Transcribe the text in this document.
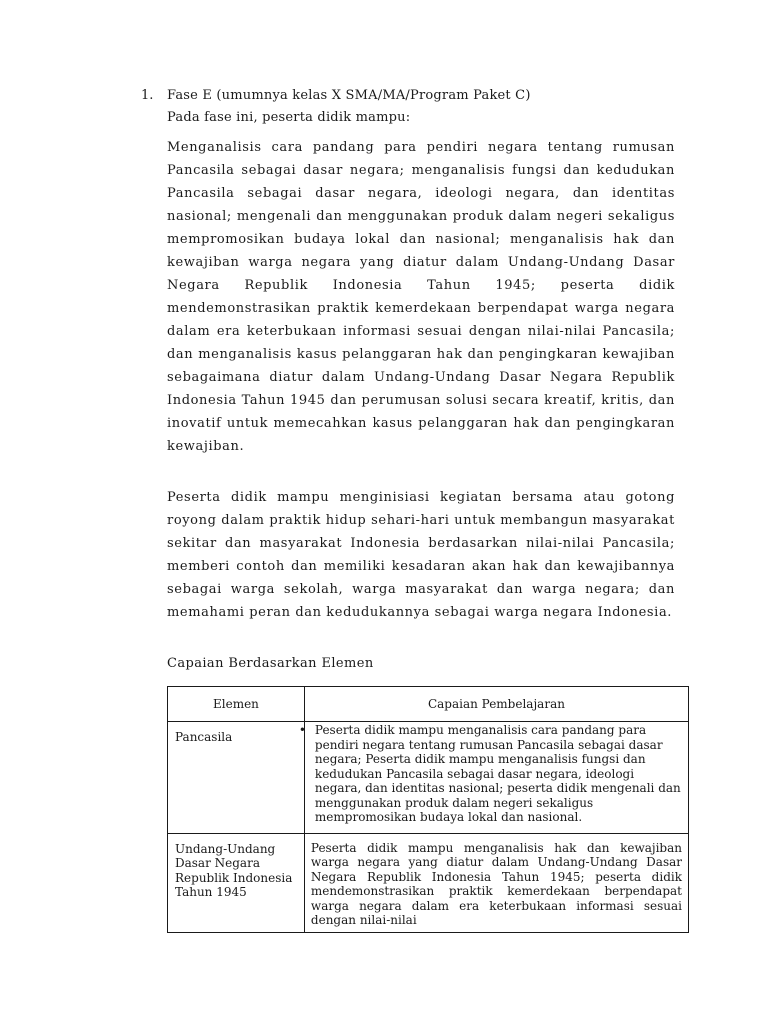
1. Fase E (umumnya kelas X SMA/MA/Program Paket C)
Pada fase ini, peserta didik mampu:

Menganalisis cara pandang para pendiri negara tentang rumusan Pancasila sebagai dasar negara; menganalisis fungsi dan kedudukan Pancasila sebagai dasar negara, ideologi negara, dan identitas nasional; mengenali dan menggunakan produk dalam negeri sekaligus mempromosikan budaya lokal dan nasional; menganalisis hak dan kewajiban warga negara yang diatur dalam Undang-Undang Dasar Negara Republik Indonesia Tahun 1945; peserta didik mendemonstrasikan praktik kemerdekaan berpendapat warga negara dalam era keterbukaan informasi sesuai dengan nilai-nilai Pancasila; dan menganalisis kasus pelanggaran hak dan pengingkaran kewajiban sebagaimana diatur dalam Undang-Undang Dasar Negara Republik Indonesia Tahun 1945 dan perumusan solusi secara kreatif, kritis, dan inovatif untuk memecahkan kasus pelanggaran hak dan pengingkaran kewajiban.

Peserta didik mampu menginisiasi kegiatan bersama atau gotong royong dalam praktik hidup sehari-hari untuk membangun masyarakat sekitar dan masyarakat Indonesia berdasarkan nilai-nilai Pancasila; memberi contoh dan memiliki kesadaran akan hak dan kewajibannya sebagai warga sekolah, warga masyarakat dan warga negara; dan memahami peran dan kedudukannya sebagai warga negara Indonesia.

Capaian Berdasarkan Elemen
Elemen	Capaian Pembelajaran
Pancasila	• Peserta didik mampu menganalisis cara pandang para pendiri negara tentang rumusan Pancasila sebagai dasar negara; Peserta didik mampu menganalisis fungsi dan kedudukan Pancasila sebagai dasar negara, ideologi negara, dan identitas nasional; peserta didik mengenali dan menggunakan produk dalam negeri sekaligus mempromosikan budaya lokal dan nasional.

Undang-Undang Dasar Negara Republik Indonesia Tahun 1945	Peserta didik mampu menganalisis hak dan kewajiban warga negara yang diatur dalam Undang-Undang Dasar Negara Republik Indonesia Tahun 1945; peserta didik mendemonstrasikan praktik kemerdekaan berpendapat warga negara dalam era keterbukaan informasi sesuai dengan nilai-nilai
